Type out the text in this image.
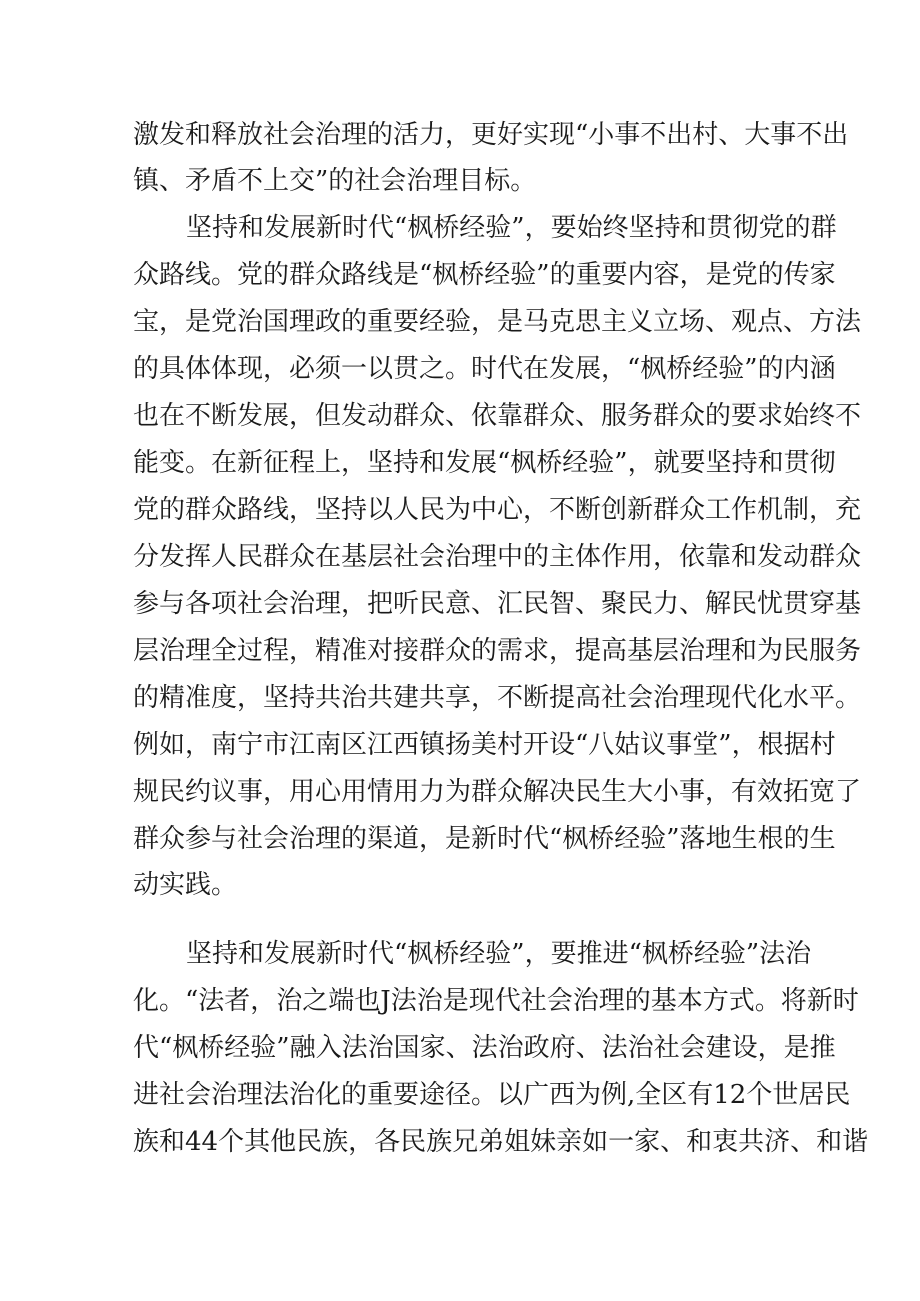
激发和释放社会治理的活力，更好实现“小事不出村、大事不出
镇、矛盾不上交”的社会治理目标。
坚持和发展新时代“枫桥经验”，要始终坚持和贯彻党的群
众路线。党的群众路线是“枫桥经验”的重要内容，是党的传家
宝，是党治国理政的重要经验，是马克思主义立场、观点、方法
的具体体现，必须一以贯之。时代在发展，“枫桥经验”的内涵
也在不断发展，但发动群众、依靠群众、服务群众的要求始终不
能变。在新征程上，坚持和发展“枫桥经验”，就要坚持和贯彻
党的群众路线，坚持以人民为中心，不断创新群众工作机制，充
分发挥人民群众在基层社会治理中的主体作用，依靠和发动群众
参与各项社会治理，把听民意、汇民智、聚民力、解民忧贯穿基
层治理全过程，精准对接群众的需求，提高基层治理和为民服务
的精准度，坚持共治共建共享，不断提高社会治理现代化水平。
例如，南宁市江南区江西镇扬美村开设“八姑议事堂”，根据村
规民约议事，用心用情用力为群众解决民生大小事，有效拓宽了
群众参与社会治理的渠道，是新时代“枫桥经验”落地生根的生
动实践。
坚持和发展新时代“枫桥经验”，要推进“枫桥经验”法治
化。“法者，治之端也J法治是现代社会治理的基本方式。将新时
代“枫桥经验”融入法治国家、法治政府、法治社会建设，是推
进社会治理法治化的重要途径。以广西为例,全区有12个世居民
族和44个其他民族，各民族兄弟姐妹亲如一家、和衷共济、和谐
